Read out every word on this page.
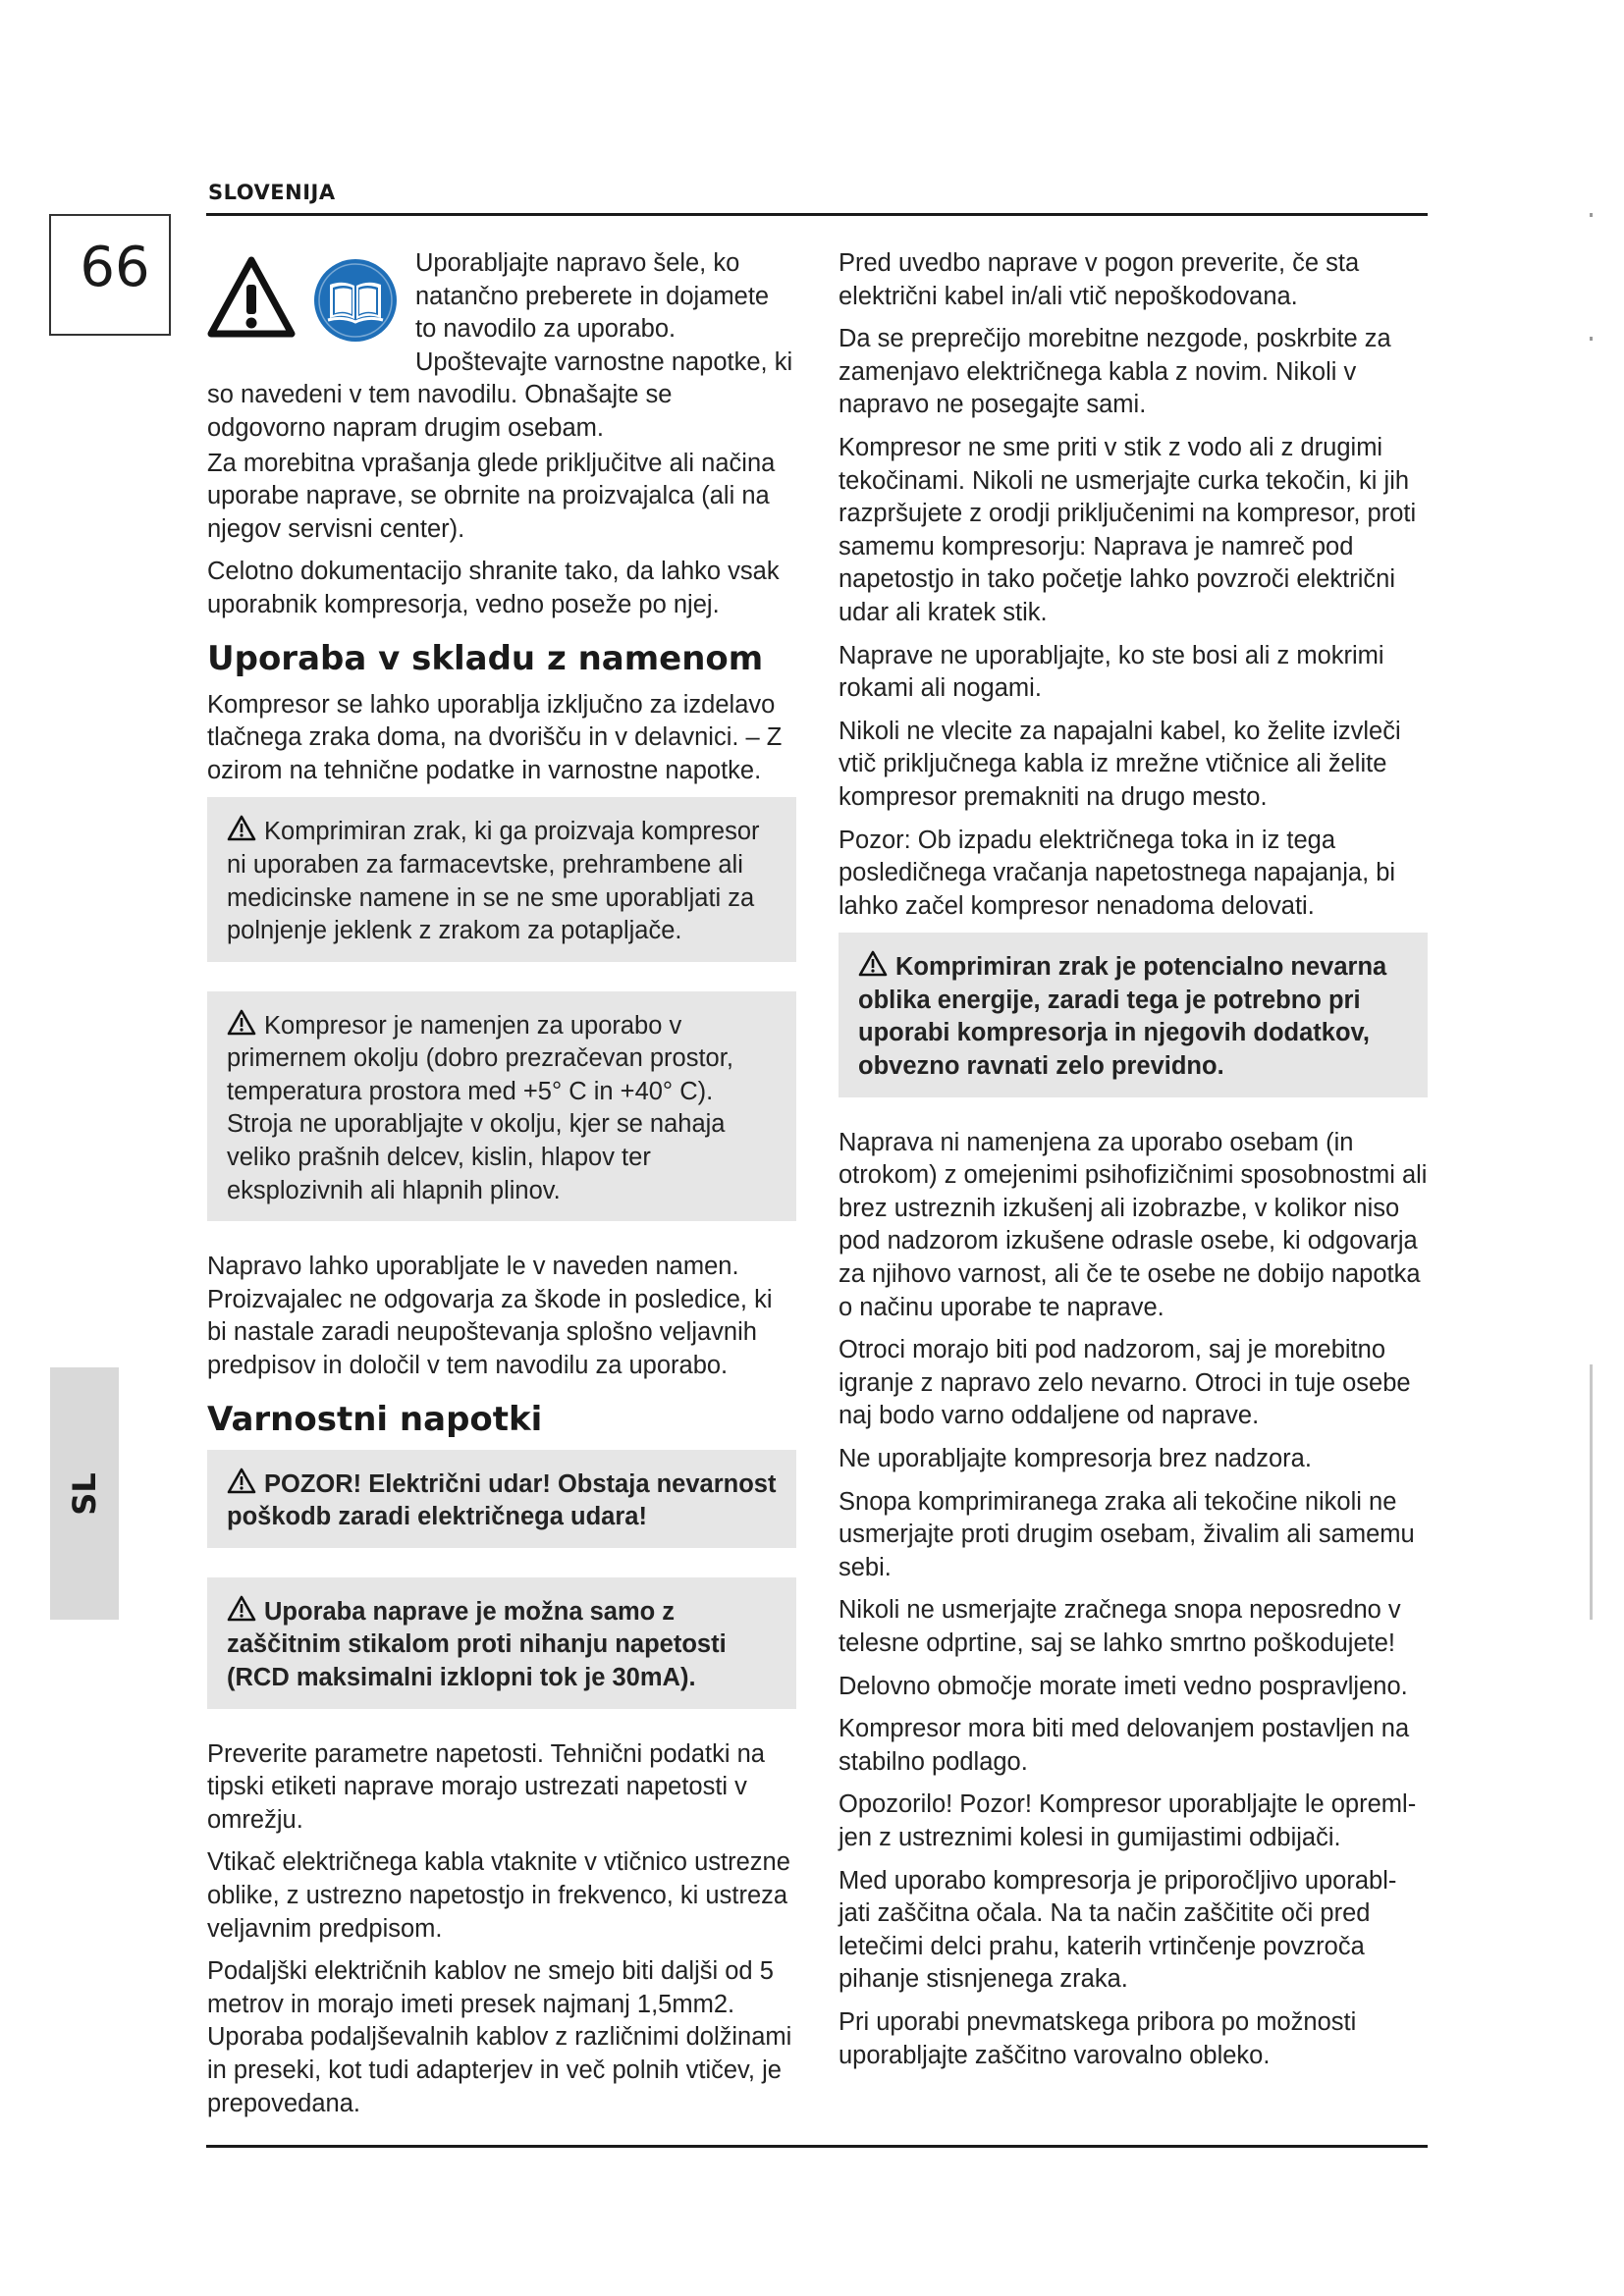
SLOVENIJA
66
SL
Uporabljajte napravo šele, ko natančno preberete in dojamete to navodilo za uporabo. Upoštevajte varnostne napotke, ki so navedeni v tem navodilu. Obnašajte se odgovorno napram drugim osebam.

Za morebitna vprašanja glede priključitve ali načina uporabe naprave, se obrnite na proizvajalca (ali na njegov servisni center).

Celotno dokumentacijo shranite tako, da lahko vsak uporabnik kompresorja, vedno poseže po njej.

Uporaba v skladu z namenom

Kompresor se lahko uporablja izključno za izdelavo tlačnega zraka doma, na dvorišču in v delavnici. – Z ozirom na tehnične podatke in varnostne napotke.

Komprimiran zrak, ki ga proizvaja kompresor ni uporaben za farmacevtske, prehrambene ali medicinske namene in se ne sme uporabljati za polnjenje jeklenk z zrakom za potapljače.
Kompresor je namenjen za uporabo v primernem okolju (dobro prezračevan prostor, temperatura prostora med +5° C in +40° C). Stroja ne uporabljajte v okolju, kjer se nahaja veliko prašnih delcev, kislin, hlapov ter eksplozivnih ali hlapnih plinov.

Napravo lahko uporabljate le v naveden namen. Proizvajalec ne odgovarja za škode in posledice, ki bi nastale zaradi neupoštevanja splošno veljavnih predpisov in določil v tem navodilu za uporabo.

Varnostni napotki
POZOR! Električni udar! Obstaja nevarnost poškodb zaradi električnega udara!
Uporaba naprave je možna samo z zaščitnim stikalom proti nihanju napetosti (RCD maksimalni izklopni tok je 30mA).

Preverite parametre napetosti. Tehnični podatki na tipski etiketi naprave morajo ustrezati napetosti v omrežju.

Vtikač električnega kabla vtaknite v vtičnico ustrezne oblike, z ustrezno napetostjo in frekvenco, ki ustreza veljavnim predpisom.

Podaljški električnih kablov ne smejo biti daljši od 5 metrov in morajo imeti presek najmanj 1,5mm2. Uporaba podaljševalnih kablov z različnimi dolžinami in preseki, kot tudi adapterjev in več polnih vtičev, je prepovedana.

Pred uvedbo naprave v pogon preverite, če sta električni kabel in/ali vtič nepoškodovana.

Da se preprečijo morebitne nezgode, poskrbite za zamenjavo električnega kabla z novim. Nikoli v napravo ne posegajte sami.

Kompresor ne sme priti v stik z vodo ali z drugimi tekočinami. Nikoli ne usmerjajte curka tekočin, ki jih razpršujete z orodji priključenimi na kompresor, proti samemu kompresorju: Naprava je namreč pod napetostjo in tako početje lahko povzroči električni udar ali kratek stik.

Naprave ne uporabljajte, ko ste bosi ali z mokrimi rokami ali nogami.

Nikoli ne vlecite za napajalni kabel, ko želite izvleči vtič priključnega kabla iz mrežne vtičnice ali želite kompresor premakniti na drugo mesto.

Pozor: Ob izpadu električnega toka in iz tega posledičnega vračanja napetostnega napajanja, bi lahko začel kompresor nenadoma delovati.

Komprimiran zrak je potencialno nevarna oblika energije, zaradi tega je potrebno pri uporabi kompresorja in njegovih dodatkov, obvezno ravnati zelo previdno.

Naprava ni namenjena za uporabo osebam (in otrokom) z omejenimi psihofizičnimi sposobnostmi ali brez ustreznih izkušenj ali izobrazbe, v kolikor niso pod nadzorom izkušene odrasle osebe, ki odgovarja za njihovo varnost, ali če te osebe ne dobijo napotka o načinu uporabe te naprave.

Otroci morajo biti pod nadzorom, saj je morebitno igranje z napravo zelo nevarno. Otroci in tuje osebe naj bodo varno oddaljene od naprave.

Ne uporabljajte kompresorja brez nadzora.

Snopa komprimiranega zraka ali tekočine nikoli ne usmerjajte proti drugim osebam, živalim ali samemu sebi.

Nikoli ne usmerjajte zračnega snopa neposredno v telesne odprtine, saj se lahko smrtno poškodujete!

Delovno območje morate imeti vedno pospravljeno.

Kompresor mora biti med delovanjem postavljen na stabilno podlago.

Opozorilo! Pozor! Kompresor uporabljajte le opreml-jen z ustreznimi kolesi in gumijastimi odbijači.

Med uporabo kompresorja je priporočljivo uporabl-jati zaščitna očala. Na ta način zaščitite oči pred letečimi delci prahu, katerih vrtinčenje povzroča pihanje stisnjenega zraka.

Pri uporabi pnevmatskega pribora po možnosti uporabljajte zaščitno varovalno obleko.
